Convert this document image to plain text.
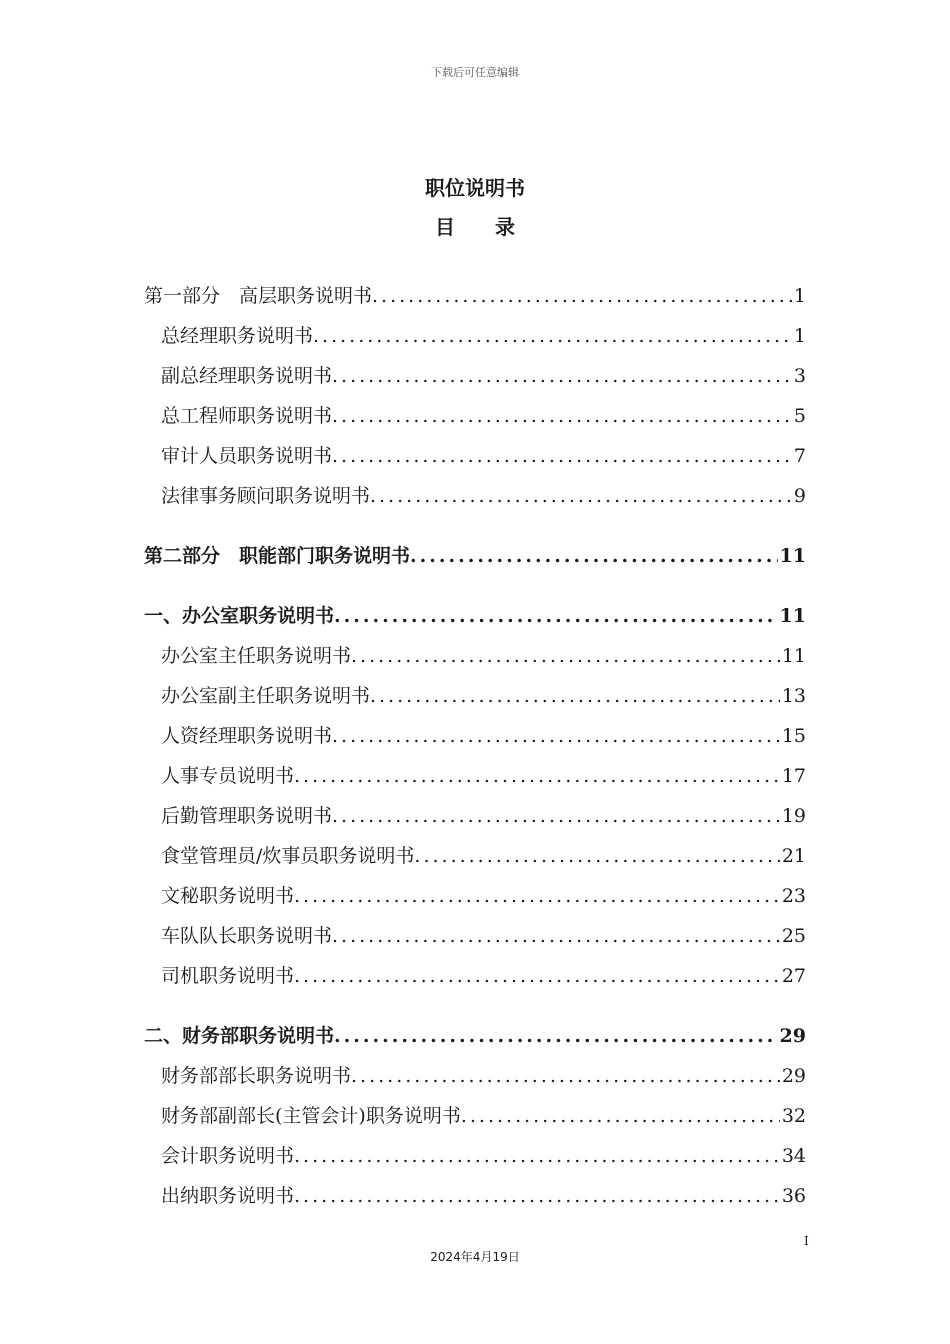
下载后可任意编辑
职位说明书
目录
第一部分　高层职务说明书 .....	1
总经理职务说明书 .....	1
副总经理职务说明书 .....	3
总工程师职务说明书 .....	5
审计人员职务说明书 .....	7
法律事务顾问职务说明书 .....	9
第二部分　职能部门职务说明书 .....	11
一、办公室职务说明书 .....	11
办公室主任职务说明书 .....	11
办公室副主任职务说明书 .....	13
人资经理职务说明书 .....	15
人事专员说明书 .....	17
后勤管理职务说明书 .....	19
食堂管理员/炊事员职务说明书 .....	21
文秘职务说明书 .....	23
车队队长职务说明书 .....	25
司机职务说明书 .....	27
二、财务部职务说明书 .....	29
财务部部长职务说明书 .....	29
财务部副部长(主管会计)职务说明书 .....	32
会计职务说明书 .....	34
出纳职务说明书 .....	36
I
2024年4月19日
